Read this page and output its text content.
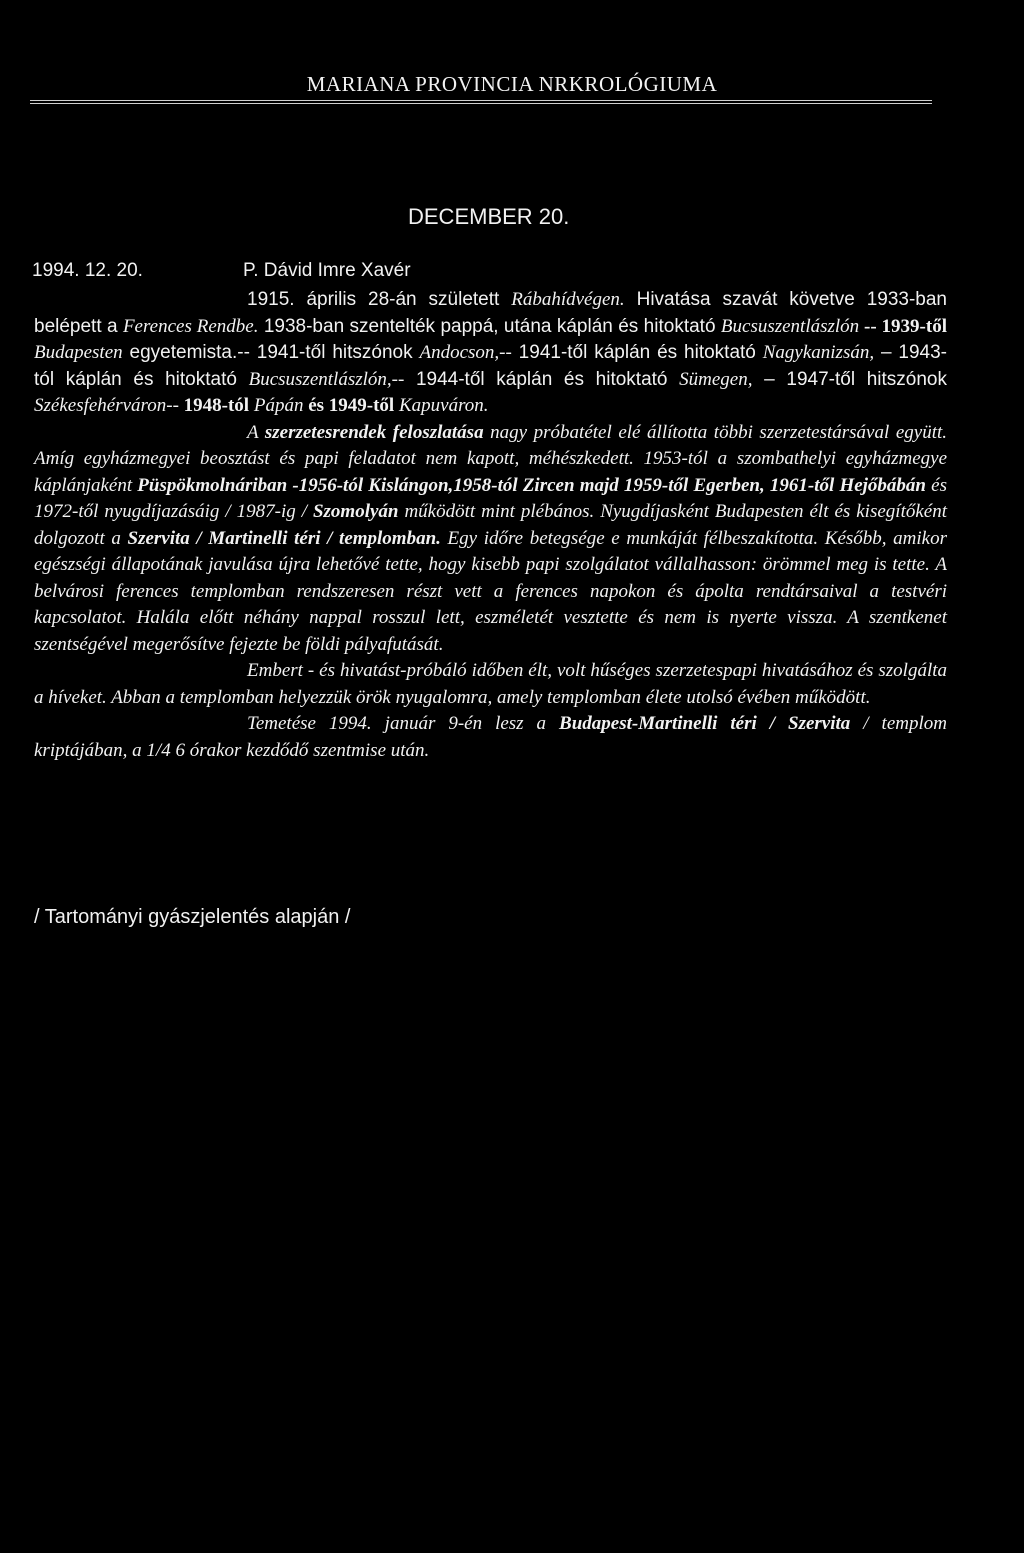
MARIANA PROVINCIA NRKROLÓGIUMA
DECEMBER 20.
1994. 12. 20.	P. Dávid Imre Xavér

1915. április 28-án született Rábahídvégen. Hivatása szavát követve 1933-ban belépett a Ferences Rendbe. 1938-ban szentelték pappá, utána káplán és hitoktató Bucsuszentlászlón -- 1939-től Budapesten egyetemista.-- 1941-től hitszónok Andocson,-- 1941-től káplán és hitoktató Nagykanizsán, – 1943-tól káplán és hitoktató Bucsuszentlászlón,-- 1944-től káplán és hitoktató Sümegen, – 1947-től hitszónok Székesfehérváron-- 1948-tól Pápán és 1949-től Kapuváron.

A szerzetesrendek feloszlatása nagy próbatétel elé állította többi szerzetestársával együtt. Amíg egyházmegyei beosztást és papi feladatot nem kapott, méhészkedett. 1953-tól a szombathelyi egyházmegye káplánjaként Püspökmolnáriban -1956-tól Kislángon,1958-tól Zircen majd 1959-től Egerben, 1961-től Hejőbábán és 1972-től nyugdíjazásáig / 1987-ig / Szomolyán működött mint plébános. Nyugdíjasként Budapesten élt és kisegítőként dolgozott a Szervita / Martinelli téri / templomban. Egy időre betegsége e munkáját félbeszakította. Később, amikor egészségi állapotának javulása újra lehetővé tette, hogy kisebb papi szolgálatot vállalhasson: örömmel meg is tette. A belvárosi ferences templomban rendszeresen részt vett a ferences napokon és ápolta rendtársaival a testvéri kapcsolatot. Halála előtt néhány nappal rosszul lett, eszméletét vesztette és nem is nyerte vissza. A szentkenet szentségével megerősítve fejezte be földi pályafutását.

Embert - és hivatást-próbáló időben élt, volt hűséges szerzetespapi hivatásához és szolgálta a híveket. Abban a templomban helyezzük örök nyugalomra, amely templomban élete utolsó évében működött.

Temetése 1994. január 9-én lesz a Budapest-Martinelli téri / Szervita / templom kriptájában, a 1/4 6 órakor kezdődő szentmise után.

/ Tartományi gyászjelentés alapján /
